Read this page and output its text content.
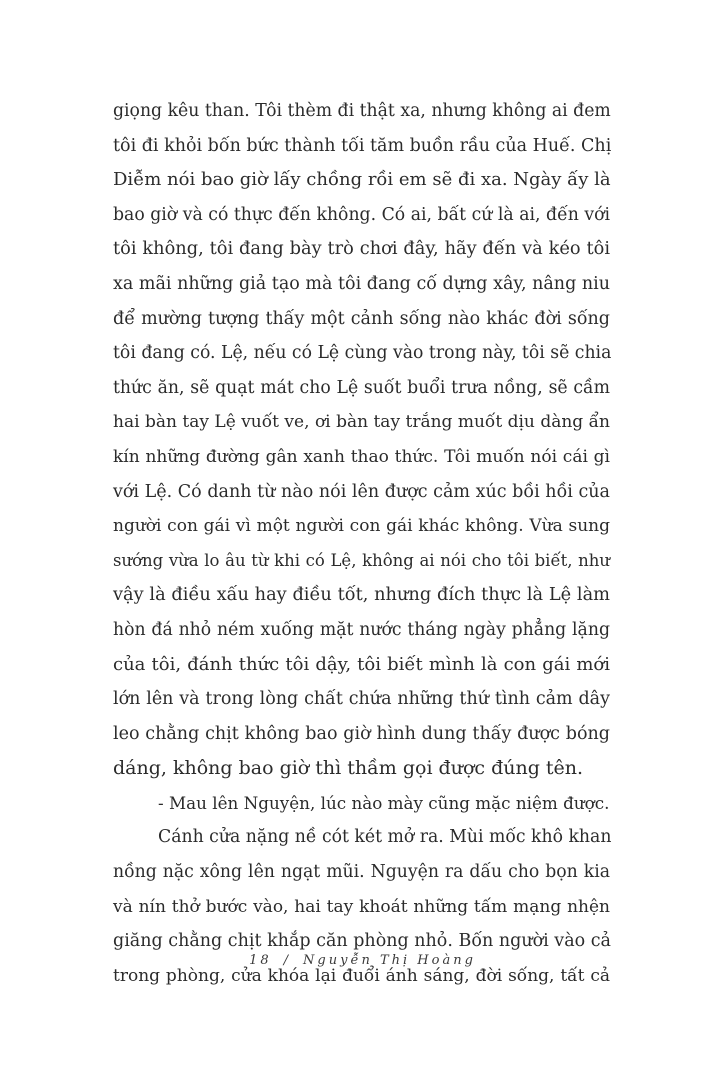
giọng kêu than. Tôi thèm đi thật xa, nhưng không ai đem
tôi đi khỏi bốn bức thành tối tăm buồn rầu của Huế. Chị
Diễm nói bao giờ lấy chồng rồi em sẽ đi xa. Ngày ấy là
bao giờ và có thực đến không. Có ai, bất cứ là ai, đến với
tôi không, tôi đang bày trò chơi đây, hãy đến và kéo tôi
xa mãi những giả tạo mà tôi đang cố dựng xây, nâng niu
để mường tượng thấy một cảnh sống nào khác đời sống
tôi đang có. Lệ, nếu có Lệ cùng vào trong này, tôi sẽ chia
thức ăn, sẽ quạt mát cho Lệ suốt buổi trưa nồng, sẽ cầm
hai bàn tay Lệ vuốt ve, ơi bàn tay trắng muốt dịu dàng ẩn
kín những đường gân xanh thao thức. Tôi muốn nói cái gì
với Lệ. Có danh từ nào nói lên được cảm xúc bồi hồi của
người con gái vì một người con gái khác không. Vừa sung
sướng vừa lo âu từ khi có Lệ, không ai nói cho tôi biết, như
vậy là điều xấu hay điều tốt, nhưng đích thực là Lệ làm
hòn đá nhỏ ném xuống mặt nước tháng ngày phẳng lặng
của tôi, đánh thức tôi dậy, tôi biết mình là con gái mới
lớn lên và trong lòng chất chứa những thứ tình cảm dây
leo chằng chịt không bao giờ hình dung thấy được bóng
dáng, không bao giờ thì thầm gọi được đúng tên.
- Mau lên Nguyện, lúc nào mày cũng mặc niệm được.
Cánh cửa nặng nề cót két mở ra. Mùi mốc khô khan
nồng nặc xông lên ngạt mũi. Nguyện ra dấu cho bọn kia
và nín thở bước vào, hai tay khoát những tấm mạng nhện
giăng chằng chịt khắp căn phòng nhỏ. Bốn người vào cả
trong phòng, cửa khóa lại đuổi ánh sáng, đời sống, tất cả
18 / Nguyễn Thị Hoàng
